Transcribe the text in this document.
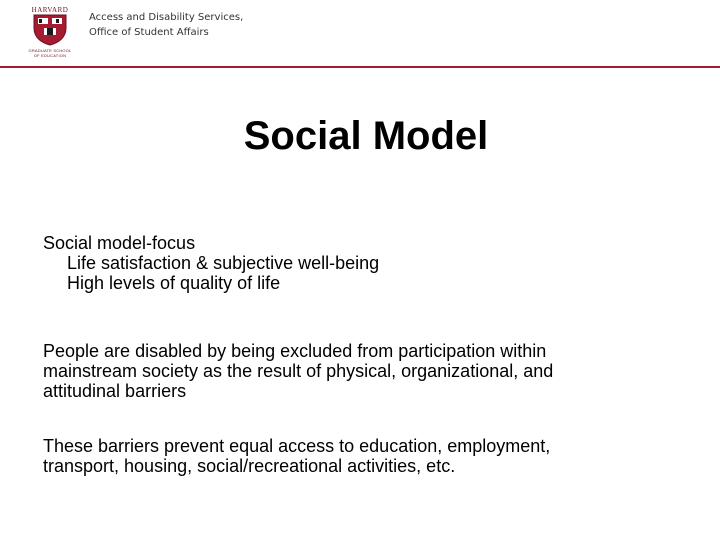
HARVARD
GRADUATE SCHOOL OF EDUCATION
Access and Disability Services,
Office of Student Affairs
Social Model

Social model-focus

Life satisfaction & subjective well-being

High levels of quality of life

People are disabled by being excluded from participation within

mainstream society as the result of physical, organizational, and

attitudinal barriers

These barriers prevent equal access to education, employment,

transport, housing, social/recreational activities, etc.
